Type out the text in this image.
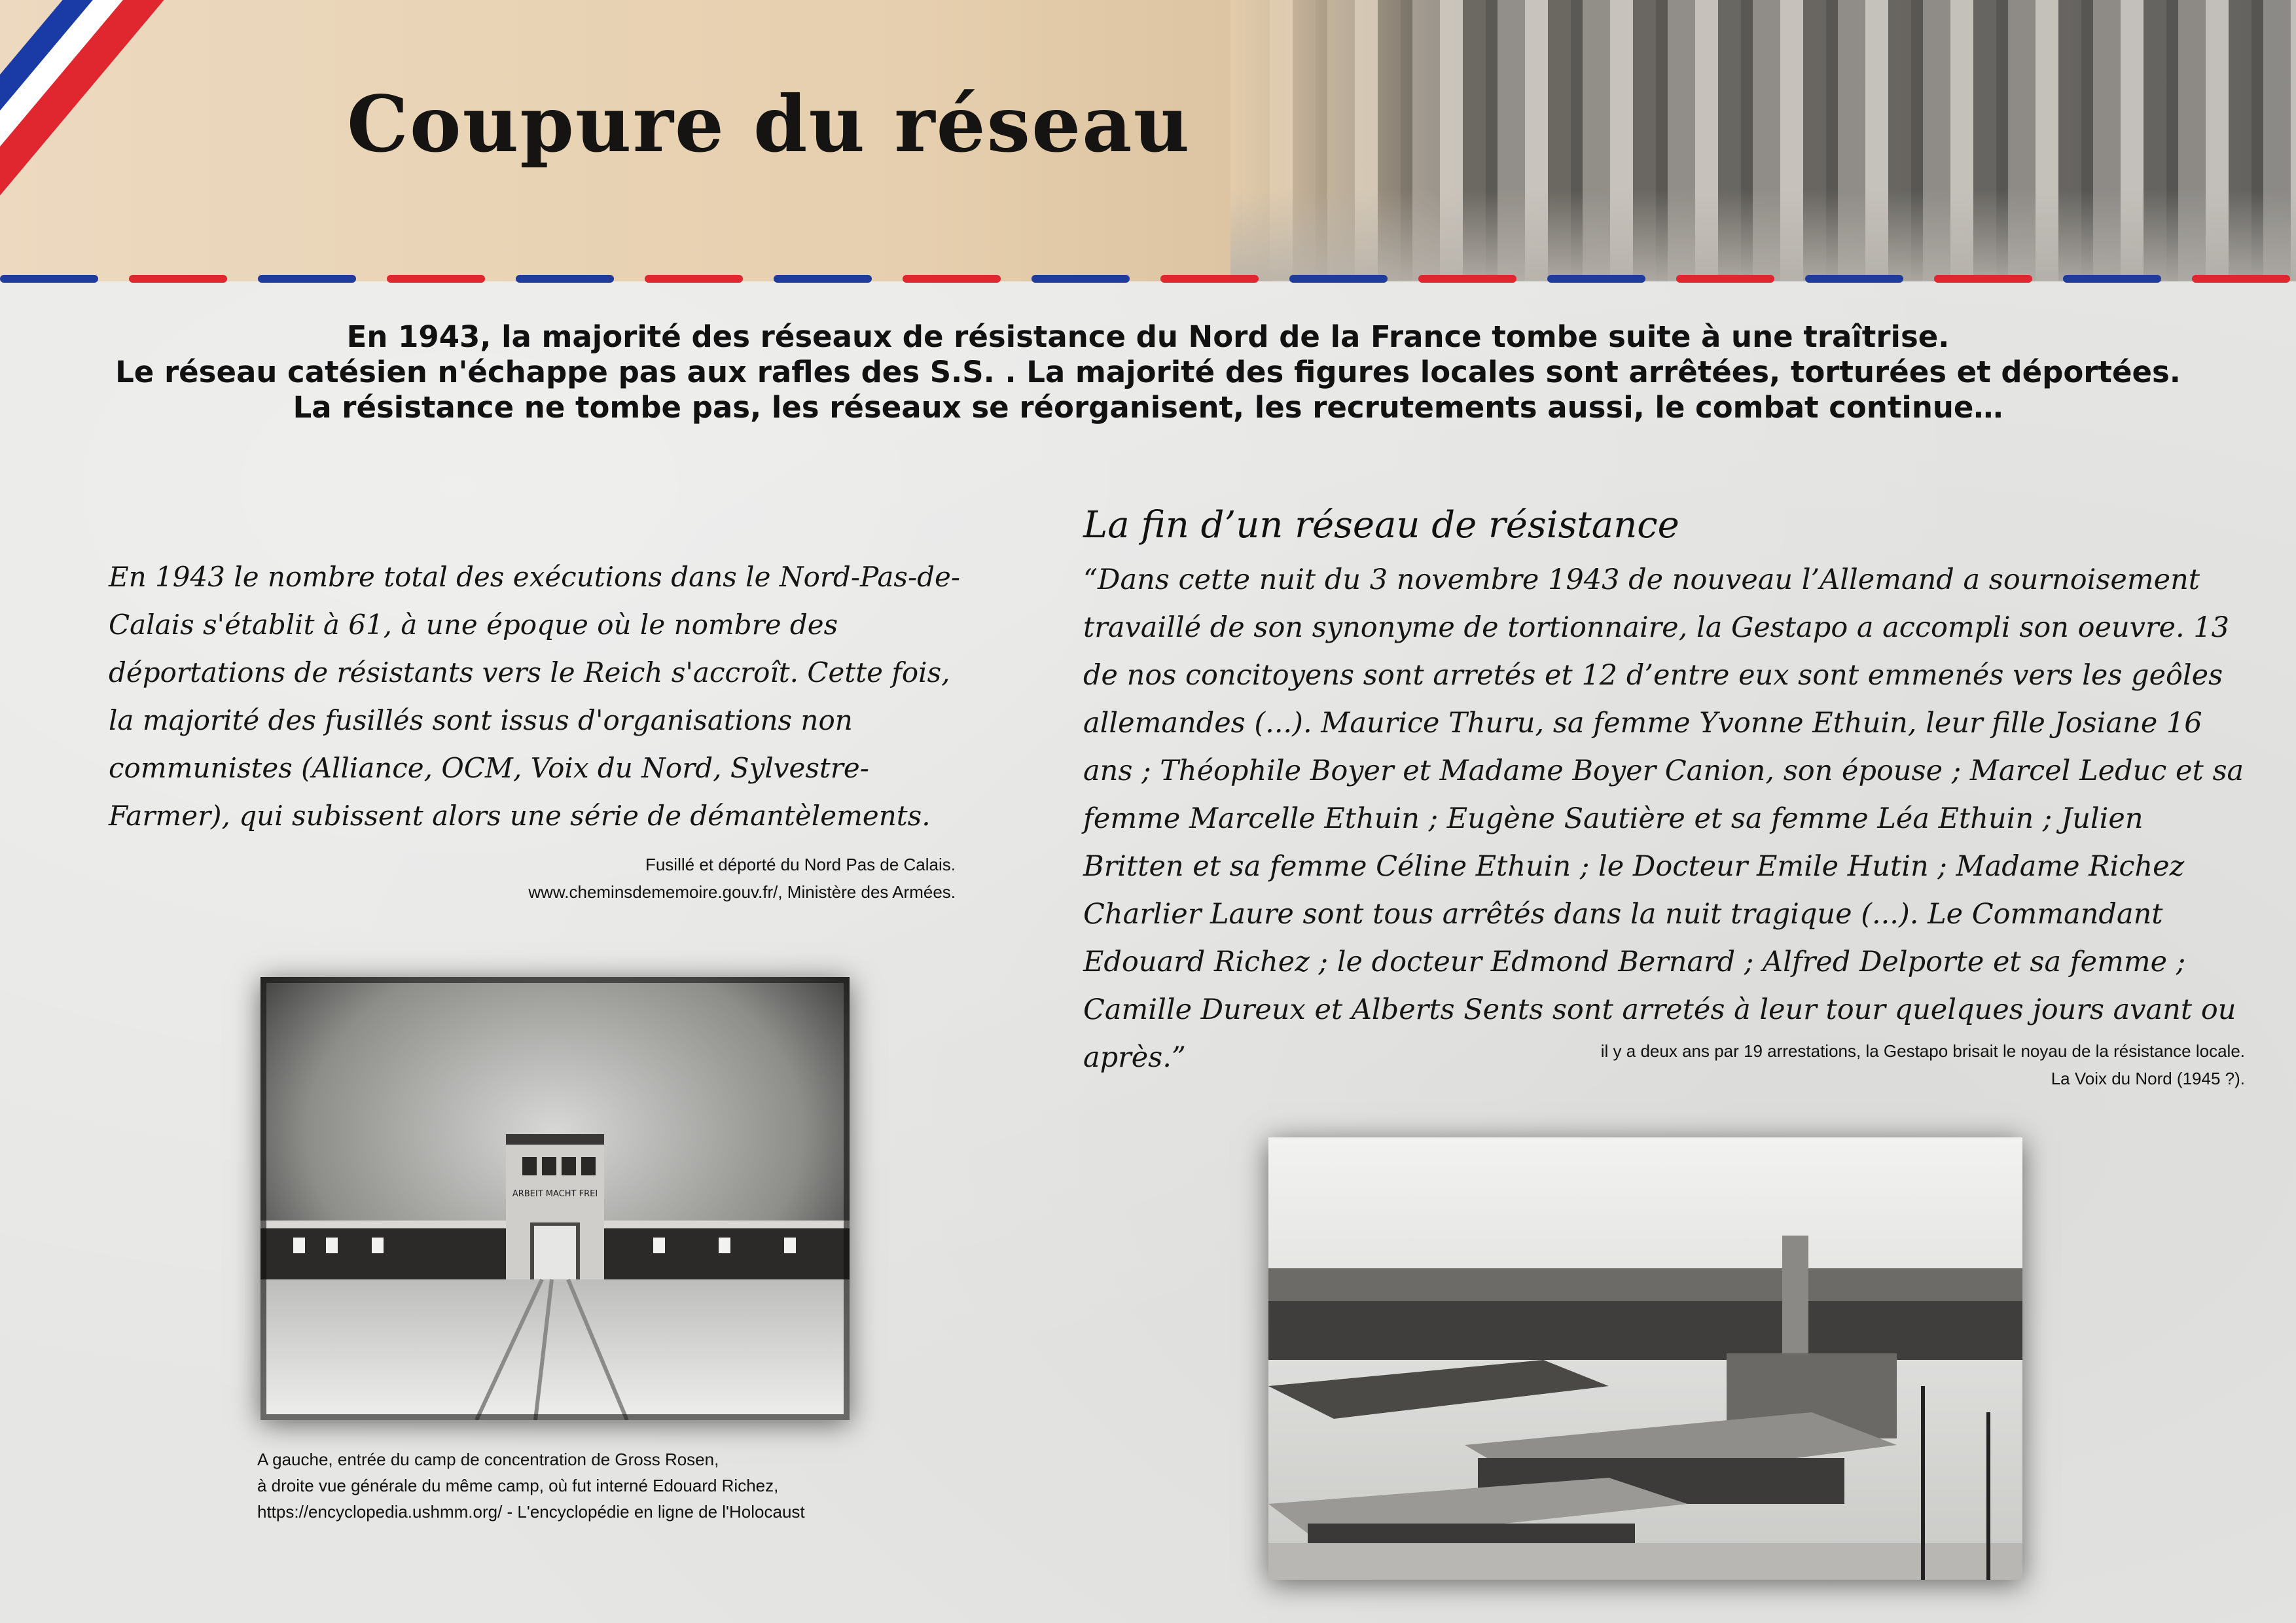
Coupure du réseau
En 1943, la majorité des réseaux de résistance du Nord de la France tombe suite à une traîtrise.
Le réseau catésien n'échappe pas aux rafles des S.S. . La majorité des figures locales sont arrêtées, torturées et déportées.
La résistance ne tombe pas, les réseaux se réorganisent, les recrutements aussi, le combat continue…
En 1943 le nombre total des exécutions dans le Nord-Pas-de-Calais s'établit à 61, à une époque où le nombre des déportations de résistants vers le Reich s'accroît. Cette fois, la majorité des fusillés sont issus d'organisations non communistes (Alliance, OCM, Voix du Nord, Sylvestre-Farmer), qui subissent alors une série de démantèlements.
Fusillé et déporté du Nord Pas de Calais.
www.cheminsdememoire.gouv.fr/, Ministère des Armées.
La fin d’un réseau de résistance
“Dans cette nuit du 3 novembre 1943 de nouveau l’Allemand a sournoisement travaillé de son synonyme de tortionnaire, la Gestapo a accompli son oeuvre. 13 de nos concitoyens sont arretés et 12 d’entre eux sont emmenés vers les geôles allemandes (...). Maurice Thuru, sa femme Yvonne Ethuin, leur fille Josiane 16 ans ; Théophile Boyer et Madame Boyer Canion, son épouse ; Marcel Leduc et sa femme Marcelle Ethuin ; Eugène Sautière et sa femme Léa Ethuin ; Julien Britten et sa femme Céline Ethuin ; le Docteur Emile Hutin ; Madame Richez Charlier Laure sont tous arrêtés dans la nuit tragique (...). Le Commandant Edouard Richez ; le docteur Edmond Bernard ; Alfred Delporte et sa femme ; Camille Dureux et Alberts Sents sont arretés à leur tour quelques jours avant ou après.”	il y a deux ans par 19 arrestations, la Gestapo brisait le noyau de la résistance locale.
La Voix du Nord (1945 ?).
ARBEIT MACHT FREI
A gauche, entrée du camp de concentration de Gross Rosen,
à droite vue générale du même camp, où fut interné Edouard Richez,
https://encyclopedia.ushmm.org/ - L'encyclopédie en ligne de l'Holocaust
